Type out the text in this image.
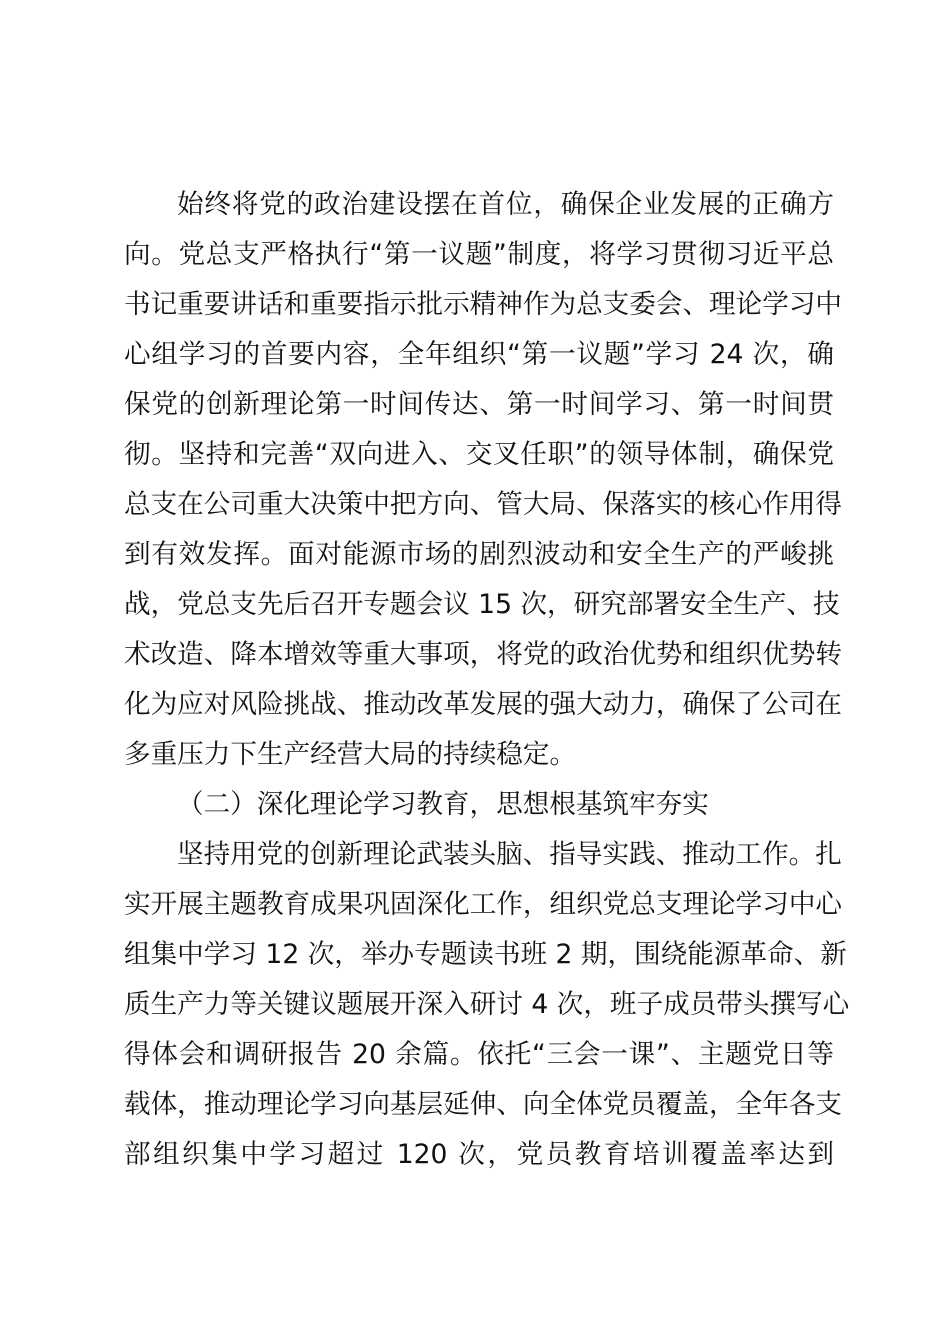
始终将党的政治建设摆在首位，确保企业发展的正确方
向。党总支严格执行“第一议题”制度，将学习贯彻习近平总
书记重要讲话和重要指示批示精神作为总支委会、理论学习中
心组学习的首要内容，全年组织“第一议题”学习 24 次，确
保党的创新理论第一时间传达、第一时间学习、第一时间贯
彻。坚持和完善“双向进入、交叉任职”的领导体制，确保党
总支在公司重大决策中把方向、管大局、保落实的核心作用得
到有效发挥。面对能源市场的剧烈波动和安全生产的严峻挑
战，党总支先后召开专题会议 15 次，研究部署安全生产、技
术改造、降本增效等重大事项，将党的政治优势和组织优势转
化为应对风险挑战、推动改革发展的强大动力，确保了公司在
多重压力下生产经营大局的持续稳定。
（二）深化理论学习教育，思想根基筑牢夯实
坚持用党的创新理论武装头脑、指导实践、推动工作。扎
实开展主题教育成果巩固深化工作，组织党总支理论学习中心
组集中学习 12 次，举办专题读书班 2 期，围绕能源革命、新
质生产力等关键议题展开深入研讨 4 次，班子成员带头撰写心
得体会和调研报告 20 余篇。依托“三会一课”、主题党日等
载体，推动理论学习向基层延伸、向全体党员覆盖，全年各支
部组织集中学习超过 120 次，党员教育培训覆盖率达到
